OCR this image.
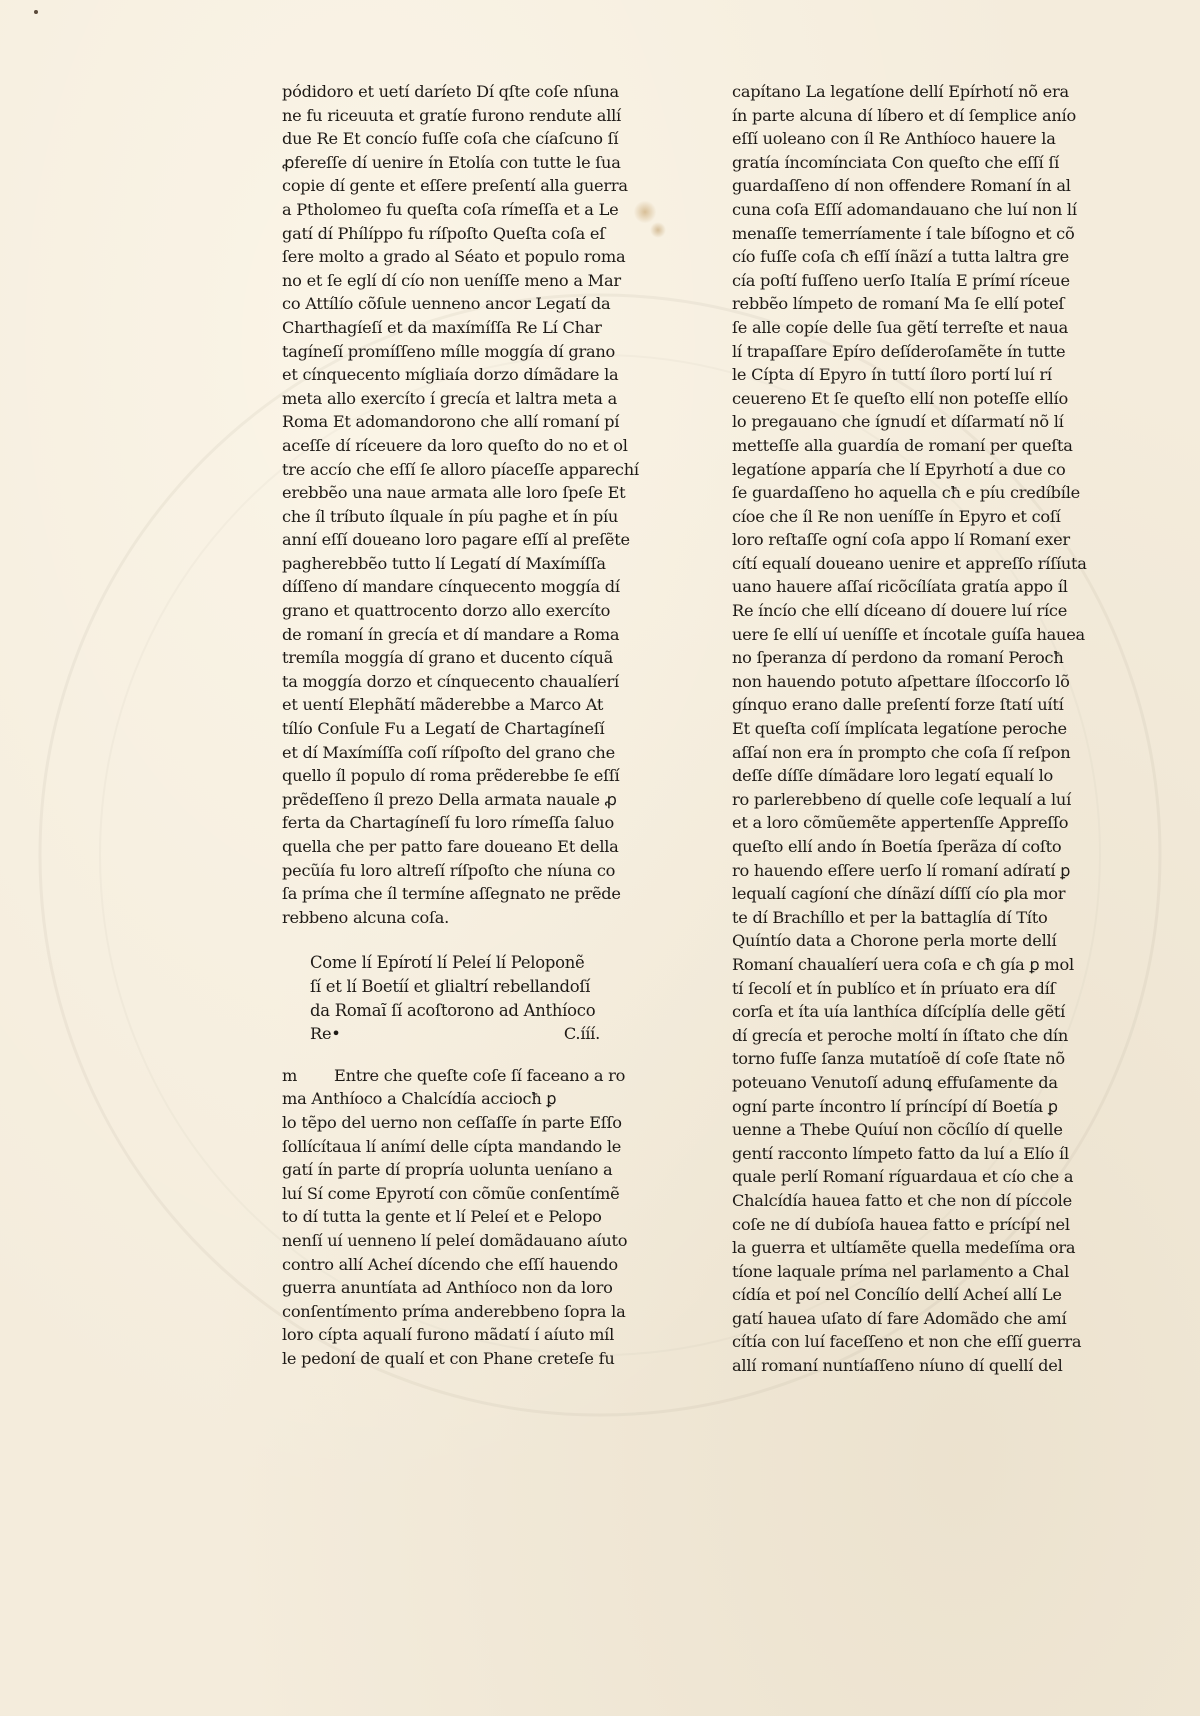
pódidoro et uetí daríeto Dí qſte coſe nſuna
ne fu riceuuta et gratíe furono rendute allí
due Re Et concío fuſſe coſa che cíaſcuno ſí
ꝓfereſſe dí uenire ín Etolía con tutte le ſua
copie dí gente et eſſere preſentí alla guerra
a Ptholomeo fu queſta coſa rímeſſa et a Le
gatí dí Phílíppo fu ríſpoſto Queſta coſa eſ
ſere molto a grado al Séato et populo roma
no et ſe eglí dí cío non ueníſſe meno a Mar
co Attílío cõſule uenneno ancor Legatí da
Charthagíeſí et da maxímíſſa Re Lí Char
tagíneſí promíſſeno mílle moggía dí grano
et cínquecento mígliaía dorzo dímãdare la
meta allo exercíto í grecía et laltra meta a
Roma Et adomandorono che allí romaní pí
aceſſe dí ríceuere da loro queſto do no et ol
tre accío che eſſí ſe alloro píaceſſe apparechí
erebbẽo una naue armata alle loro ſpeſe Et
che íl tríbuto ílquale ín píu paghe et ín píu
anní eſſí doueano loro pagare eſſí al preſẽte
pagherebbẽo tutto lí Legatí dí Maxímíſſa
díſſeno dí mandare cínquecento moggía dí
grano et quattrocento dorzo allo exercíto
de romaní ín grecía et dí mandare a Roma
tremíla moggía dí grano et ducento cíquã
ta moggía dorzo et cínquecento chaualíerí
et uentí Elephãtí mãderebbe a Marco At
tílío Conſule Fu a Legatí de Chartagíneſí
et dí Maxímíſſa coſí ríſpoſto del grano che
quello íl populo dí roma prẽderebbe ſe eſſí
prẽdeſſeno íl prezo Della armata nauale ꝓ
ferta da Chartagíneſí fu loro rímeſſa ſaluo
quella che per patto fare doueano Et della
pecũía fu loro altreſí ríſpoſto che níuna co
ſa príma che íl termíne aſſegnato ne prẽde
rebbeno alcuna coſa.
Come lí Epírotí lí Peleí lí Peloponẽ
ſí et lí Boetíí et glialtrí rebellandoſí
da Romaĩ ſí acoſtorono ad Anthíoco
Re•	C.ííí.
m Entre che queſte coſe ſí faceano a ro
ma Anthíoco a Chalcídía acciocħ ꝑ
lo tẽpo del uerno non ceſſaſſe ín parte Eſſo
ſollícítaua lí anímí delle cípta mandando le
gatí ín parte dí propría uolunta ueníano a
luí Sí come Epyrotí con cõmũe conſentímẽ
to dí tutta la gente et lí Peleí et e Pelopo
nenſí uí uenneno lí peleí domãdauano aíuto
contro allí Acheí dícendo che eſſí hauendo
guerra anuntíata ad Anthíoco non da loro
conſentímento príma anderebbeno ſopra la
loro cípta aqualí furono mãdatí í aíuto míl
le pedoní de qualí et con Phane creteſe fu
capítano La legatíone dellí Epírhotí nõ era
ín parte alcuna dí líbero et dí ſemplice anío
eſſí uoleano con íl Re Anthíoco hauere la
gratía íncomínciata Con queſto che eſſí ſí
guardaſſeno dí non offendere Romaní ín al
cuna coſa Eſſí adomandauano che luí non lí
menaſſe temerríamente í tale bíſogno et cõ
cío fuſſe coſa cħ eſſí ínãzí a tutta laltra gre
cía poſtí fuſſeno uerſo Italía E prímí ríceue
rebbẽo límpeto de romaní Ma ſe ellí poteſ
ſe alle copíe delle ſua gẽtí terreſte et naua
lí trapaſſare Epíro deſíderoſamẽte ín tutte
le Cípta dí Epyro ín tuttí íloro portí luí rí
ceuereno Et ſe queſto ellí non poteſſe ellío
lo pregauano che ígnudí et díſarmatí nõ lí
metteſſe alla guardía de romaní per queſta
legatíone apparía che lí Epyrhotí a due co
ſe guardaſſeno ho aquella cħ e píu credíbíle
cíoe che íl Re non ueníſſe ín Epyro et coſí
loro reſtaſſe ogní coſa appo lí Romaní exer
cítí equalí doueano uenire et appreſſo ríſíuta
uano hauere aſſaí ricõcílíata gratía appo íl
Re íncío che ellí díceano dí douere luí ríce
uere ſe ellí uí ueníſſe et íncotale guíſa hauea
no ſperanza dí perdono da romaní Perocħ
non hauendo potuto aſpettare ílſoccorſo lõ
gínquo erano dalle preſentí forze ſtatí uítí
Et queſta coſí ímplícata legatíone peroche
aſſaí non era ín prompto che coſa ſí reſpon
deſſe díſſe dímãdare loro legatí equalí lo
ro parlerebbeno dí quelle coſe lequalí a luí
et a loro cõmũemẽte appertenſſe Appreſſo
queſto ellí ando ín Boetía ſperãza dí coſto
ro hauendo eſſere uerſo lí romaní adíratí ꝑ
lequalí cagíoní che dínãzí díſſí cío ꝑla mor
te dí Brachíllo et per la battaglía dí Títo
Quíntío data a Chorone perla morte dellí
Romaní chaualíerí uera coſa e cħ gía ꝑ mol
tí ſecolí et ín publíco et ín príuato era díſ
corſa et íta uía lanthíca díſcíplía delle gẽtí
dí grecía et peroche moltí ín íſtato che dín
torno fuſſe ſanza mutatíoẽ dí coſe ſtate nõ
poteuano Venutoſí adunꝗ effuſamente da
ogní parte íncontro lí príncípí dí Boetía ꝑ
uenne a Thebe Quíuí non cõcílío dí quelle
gentí racconto límpeto fatto da luí a Elío íl
quale perlí Romaní ríguardaua et cío che a
Chalcídía hauea fatto et che non dí píccole
coſe ne dí dubíoſa hauea fatto e prícípí nel
la guerra et ultíamẽte quella medeſíma ora
tíone laquale príma nel parlamento a Chal
cídía et poí nel Concílío dellí Acheí allí Le
gatí hauea uſato dí fare Adomãdo che amí
cítía con luí faceſſeno et non che eſſí guerra
allí romaní nuntíaſſeno níuno dí quellí del
